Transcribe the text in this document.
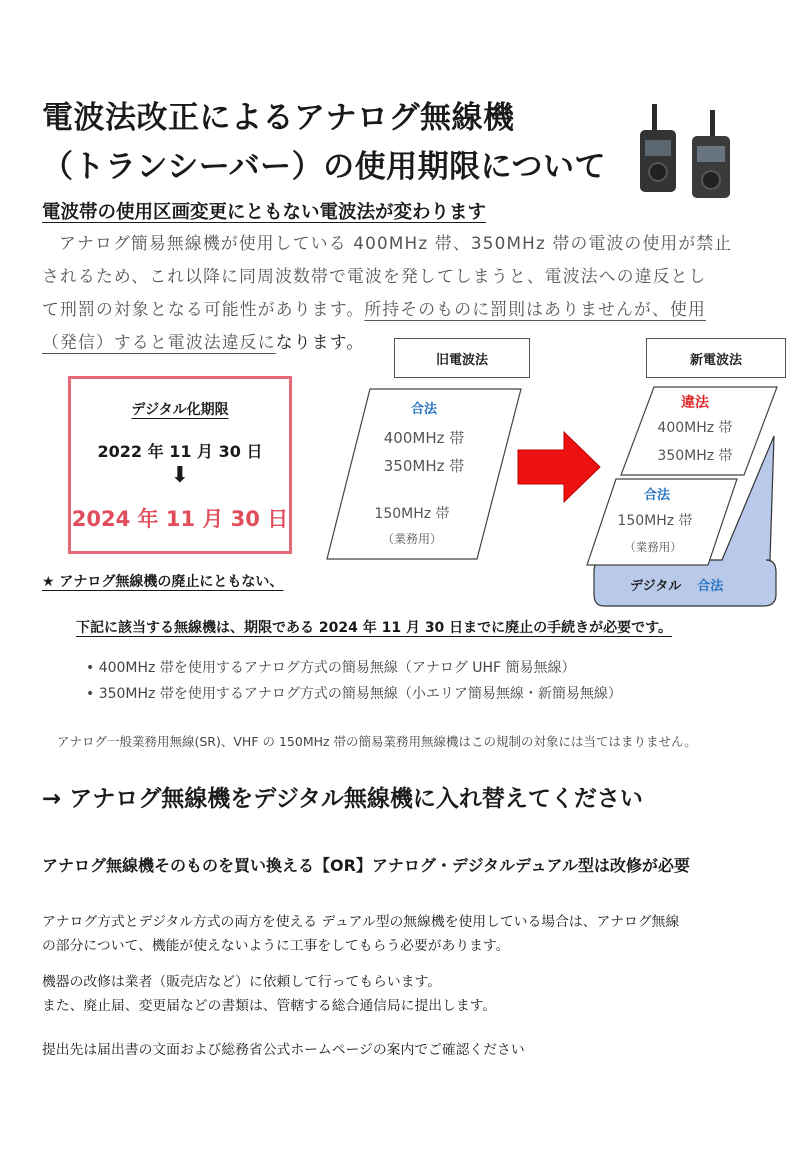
電波法改正によるアナログ無線機
（トランシーバー）の使用期限について
電波帯の使用区画変更にともない電波法が変わります
アナログ簡易無線機が使用している 400MHz 帯、350MHz 帯の電波の使用が禁止
されるため、これ以降に同周波数帯で電波を発してしまうと、電波法への違反とし
て刑罰の対象となる可能性があります。所持そのものに罰則はありませんが、使用
（発信）すると電波法違反になります。
デジタル化期限
2022 年 11 月 30 日
⬇
2024 年 11 月 30 日
旧電波法
合法
400MHz 帯
350MHz 帯
150MHz 帯
（業務用）
新電波法
違法
400MHz 帯
350MHz 帯
デジタル 合法
合法
150MHz 帯
（業務用）
★ アナログ無線機の廃止にともない、
下記に該当する無線機は、期限である 2024 年 11 月 30 日までに廃止の手続きが必要です。
• 400MHz 帯を使用するアナログ方式の簡易無線（アナログ UHF 簡易無線）
• 350MHz 帯を使用するアナログ方式の簡易無線（小エリア簡易無線・新簡易無線）
アナログ一般業務用無線(SR)、VHF の 150MHz 帯の簡易業務用無線機はこの規制の対象には当てはまりません。
→ アナログ無線機をデジタル無線機に入れ替えてください
アナログ無線機そのものを買い換える【OR】アナログ・デジタルデュアル型は改修が必要
アナログ方式とデジタル方式の両方を使える デュアル型の無線機を使用している場合は、アナログ無線
の部分について、機能が使えないように工事をしてもらう必要があります。
機器の改修は業者（販売店など）に依頼して行ってもらいます。
また、廃止届、変更届などの書類は、管轄する総合通信局に提出します。
提出先は届出書の文面および総務省公式ホームページの案内でご確認ください
